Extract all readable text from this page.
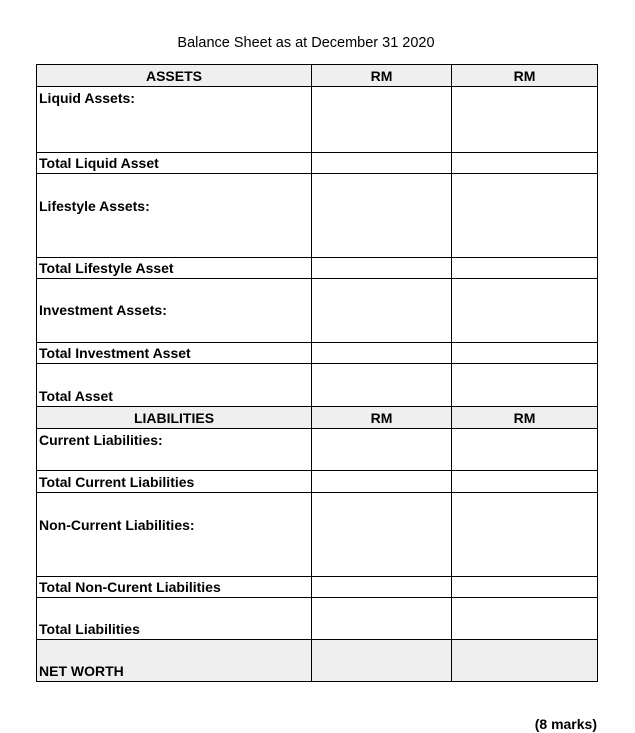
Balance Sheet as at December 31 2020
ASSETS	RM	RM
Liquid Assets:		
Total Liquid Asset		
Lifestyle Assets:		
Total Lifestyle Asset		
Investment Assets:		
Total Investment Asset		
Total Asset		
LIABILITIES	RM	RM
Current Liabilities:		
Total Current Liabilities		
Non-Current Liabilities:		
Total Non-Curent Liabilities		
Total Liabilities		
NET WORTH		
(8 marks)
